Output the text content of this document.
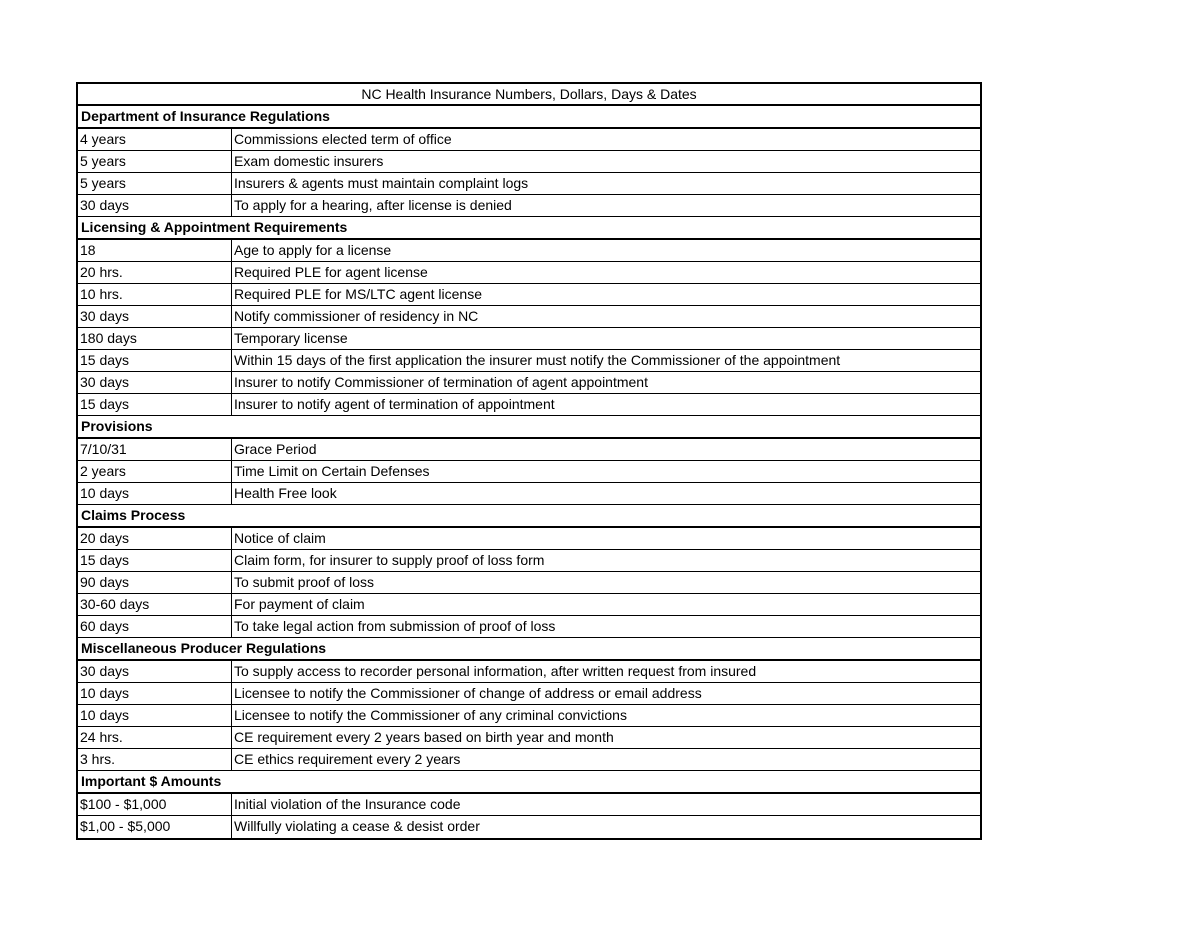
NC Health Insurance Numbers, Dollars, Days & Dates
Department of Insurance Regulations
4 years	Commissions elected term of office
5 years	Exam domestic insurers
5 years	Insurers & agents must maintain complaint logs
30 days	To apply for a hearing, after license is denied
Licensing & Appointment Requirements
18	Age to apply for a license
20 hrs.	Required PLE for agent license
10 hrs.	Required PLE for MS/LTC agent license
30 days	Notify commissioner of residency in NC
180 days	Temporary license
15 days	Within 15 days of the first application the insurer must notify the Commissioner of the appointment
30 days	Insurer to notify Commissioner of termination of agent appointment
15 days	Insurer to notify agent of termination of appointment
Provisions
7/10/31	Grace Period
2 years	Time Limit on Certain Defenses
10 days	Health Free look
Claims Process
20 days	Notice of claim
15 days	Claim form, for insurer to supply proof of loss form
90 days	To submit proof of loss
30-60 days	For payment of claim
60 days	To take legal action from submission of proof of loss
Miscellaneous Producer Regulations
30 days	To supply access to recorder personal information, after written request from insured
10 days	Licensee to notify the Commissioner of change of address or email address
10 days	Licensee to notify the Commissioner of any criminal convictions
24 hrs.	CE requirement every 2 years based on birth year and month
3 hrs.	CE ethics requirement every 2 years
Important $ Amounts
$100 - $1,000	Initial violation of the Insurance code
$1,00 - $5,000	Willfully violating a cease & desist order
